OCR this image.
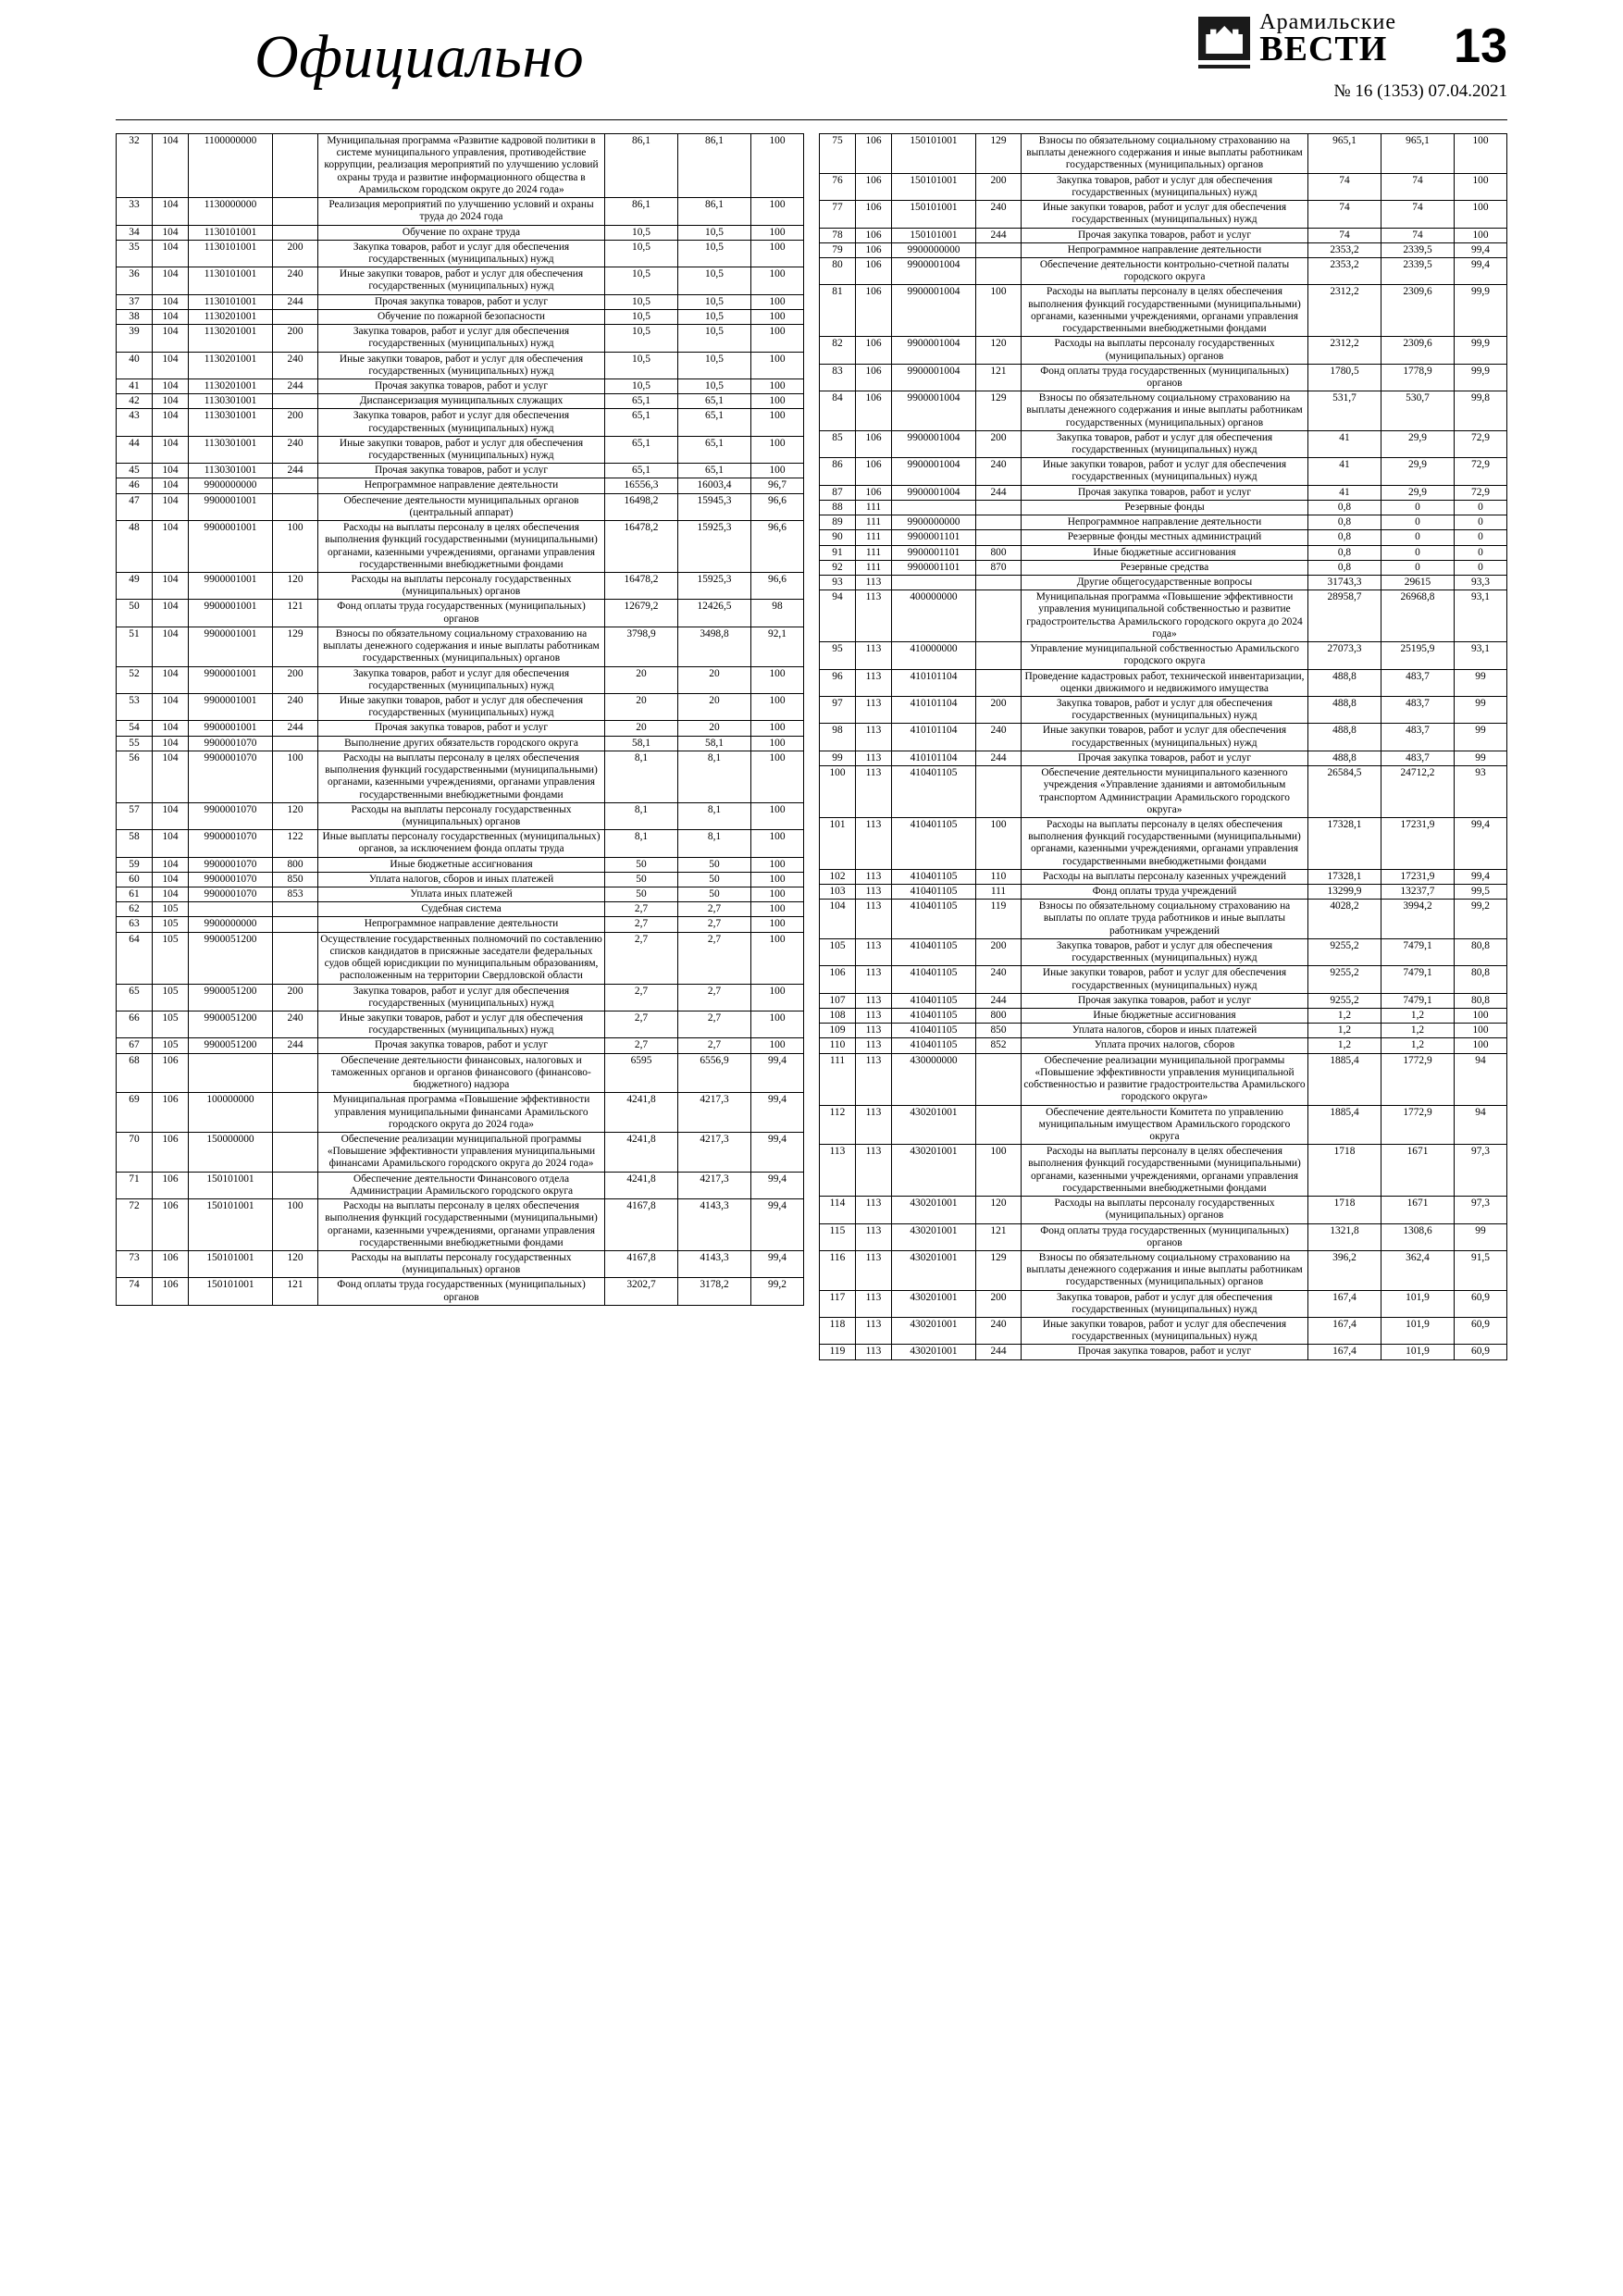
Официально
Арамильские
ВЕСТИ 13
№ 16 (1353) 07.04.2021
32	104	1100000000		Муниципальная программа «Развитие кадровой политики в системе муниципального управления, противодействие коррупции, реализация мероприятий по улучшению условий охраны труда и развитие информационного общества в Арамильском городском округе до 2024 года»	86,1	86,1	100
33	104	1130000000		Реализация мероприятий по улучшению условий и охраны труда до 2024 года	86,1	86,1	100
34	104	1130101001		Обучение по охране труда	10,5	10,5	100
35	104	1130101001	200	Закупка товаров, работ и услуг для обеспечения государственных (муниципальных) нужд	10,5	10,5	100
36	104	1130101001	240	Иные закупки товаров, работ и услуг для обеспечения государственных (муниципальных) нужд	10,5	10,5	100
37	104	1130101001	244	Прочая закупка товаров, работ и услуг	10,5	10,5	100
38	104	1130201001		Обучение по пожарной безопасности	10,5	10,5	100
39	104	1130201001	200	Закупка товаров, работ и услуг для обеспечения государственных (муниципальных) нужд	10,5	10,5	100
40	104	1130201001	240	Иные закупки товаров, работ и услуг для обеспечения государственных (муниципальных) нужд	10,5	10,5	100
41	104	1130201001	244	Прочая закупка товаров, работ и услуг	10,5	10,5	100
42	104	1130301001		Диспансеризация муниципальных служащих	65,1	65,1	100
43	104	1130301001	200	Закупка товаров, работ и услуг для обеспечения государственных (муниципальных) нужд	65,1	65,1	100
44	104	1130301001	240	Иные закупки товаров, работ и услуг для обеспечения государственных (муниципальных) нужд	65,1	65,1	100
45	104	1130301001	244	Прочая закупка товаров, работ и услуг	65,1	65,1	100
46	104	9900000000		Непрограммное направление деятельности	16556,3	16003,4	96,7
47	104	9900001001		Обеспечение деятельности муниципальных органов (центральный аппарат)	16498,2	15945,3	96,6
48	104	9900001001	100	Расходы на выплаты персоналу в целях обеспечения выполнения функций государственными (муниципальными) органами, казенными учреждениями, органами управления государственными внебюджетными фондами	16478,2	15925,3	96,6
49	104	9900001001	120	Расходы на выплаты персоналу государственных (муниципальных) органов	16478,2	15925,3	96,6
50	104	9900001001	121	Фонд оплаты труда государственных (муниципальных) органов	12679,2	12426,5	98
51	104	9900001001	129	Взносы по обязательному социальному страхованию на выплаты денежного содержания и иные выплаты работникам государственных (муниципальных) органов	3798,9	3498,8	92,1
52	104	9900001001	200	Закупка товаров, работ и услуг для обеспечения государственных (муниципальных) нужд	20	20	100
53	104	9900001001	240	Иные закупки товаров, работ и услуг для обеспечения государственных (муниципальных) нужд	20	20	100
54	104	9900001001	244	Прочая закупка товаров, работ и услуг	20	20	100
55	104	9900001070		Выполнение других обязательств городского округа	58,1	58,1	100
56	104	9900001070	100	Расходы на выплаты персоналу в целях обеспечения выполнения функций государственными (муниципальными) органами, казенными учреждениями, органами управления государственными внебюджетными фондами	8,1	8,1	100
57	104	9900001070	120	Расходы на выплаты персоналу государственных (муниципальных) органов	8,1	8,1	100
58	104	9900001070	122	Иные выплаты персоналу государственных (муниципальных) органов, за исключением фонда оплаты труда	8,1	8,1	100
59	104	9900001070	800	Иные бюджетные ассигнования	50	50	100
60	104	9900001070	850	Уплата налогов, сборов и иных платежей	50	50	100
61	104	9900001070	853	Уплата иных платежей	50	50	100
62	105			Судебная система	2,7	2,7	100
63	105	9900000000		Непрограммное направление деятельности	2,7	2,7	100
64	105	9900051200		Осуществление государственных полномочий по составлению списков кандидатов в присяжные заседатели федеральных судов общей юрисдикции по муниципальным образованиям, расположенным на территории Свердловской области	2,7	2,7	100
65	105	9900051200	200	Закупка товаров, работ и услуг для обеспечения государственных (муниципальных) нужд	2,7	2,7	100
66	105	9900051200	240	Иные закупки товаров, работ и услуг для обеспечения государственных (муниципальных) нужд	2,7	2,7	100
67	105	9900051200	244	Прочая закупка товаров, работ и услуг	2,7	2,7	100
68	106			Обеспечение деятельности финансовых, налоговых и таможенных органов и органов финансового (финансово-бюджетного) надзора	6595	6556,9	99,4
69	106	100000000		Муниципальная программа «Повышение эффективности управления муниципальными финансами Арамильского городского округа до 2024 года»	4241,8	4217,3	99,4
70	106	150000000		Обеспечение реализации муниципальной программы «Повышение эффективности управления муниципальными финансами Арамильского городского округа до 2024 года»	4241,8	4217,3	99,4
71	106	150101001		Обеспечение деятельности Финансового отдела Администрации Арамильского городского округа	4241,8	4217,3	99,4
72	106	150101001	100	Расходы на выплаты персоналу в целях обеспечения выполнения функций государственными (муниципальными) органами, казенными учреждениями, органами управления государственными внебюджетными фондами	4167,8	4143,3	99,4
73	106	150101001	120	Расходы на выплаты персоналу государственных (муниципальных) органов	4167,8	4143,3	99,4
74	106	150101001	121	Фонд оплаты труда государственных (муниципальных) органов	3202,7	3178,2	99,2
75	106	150101001	129	Взносы по обязательному социальному страхованию на выплаты денежного содержания и иные выплаты работникам государственных (муниципальных) органов	965,1	965,1	100
76	106	150101001	200	Закупка товаров, работ и услуг для обеспечения государственных (муниципальных) нужд	74	74	100
77	106	150101001	240	Иные закупки товаров, работ и услуг для обеспечения государственных (муниципальных) нужд	74	74	100
78	106	150101001	244	Прочая закупка товаров, работ и услуг	74	74	100
79	106	9900000000		Непрограммное направление деятельности	2353,2	2339,5	99,4
80	106	9900001004		Обеспечение деятельности контрольно-счетной палаты городского округа	2353,2	2339,5	99,4
81	106	9900001004	100	Расходы на выплаты персоналу в целях обеспечения выполнения функций государственными (муниципальными) органами, казенными учреждениями, органами управления государственными внебюджетными фондами	2312,2	2309,6	99,9
82	106	9900001004	120	Расходы на выплаты персоналу государственных (муниципальных) органов	2312,2	2309,6	99,9
83	106	9900001004	121	Фонд оплаты труда государственных (муниципальных) органов	1780,5	1778,9	99,9
84	106	9900001004	129	Взносы по обязательному социальному страхованию на выплаты денежного содержания и иные выплаты работникам государственных (муниципальных) органов	531,7	530,7	99,8
85	106	9900001004	200	Закупка товаров, работ и услуг для обеспечения государственных (муниципальных) нужд	41	29,9	72,9
86	106	9900001004	240	Иные закупки товаров, работ и услуг для обеспечения государственных (муниципальных) нужд	41	29,9	72,9
87	106	9900001004	244	Прочая закупка товаров, работ и услуг	41	29,9	72,9
88	111			Резервные фонды	0,8	0	0
89	111	9900000000		Непрограммное направление деятельности	0,8	0	0
90	111	9900001101		Резервные фонды местных администраций	0,8	0	0
91	111	9900001101	800	Иные бюджетные ассигнования	0,8	0	0
92	111	9900001101	870	Резервные средства	0,8	0	0
93	113			Другие общегосударственные вопросы	31743,3	29615	93,3
94	113	400000000		Муниципальная программа «Повышение эффективности управления муниципальной собственностью и развитие градостроительства Арамильского городского округа до 2024 года»	28958,7	26968,8	93,1
95	113	410000000		Управление муниципальной собственностью Арамильского городского округа	27073,3	25195,9	93,1
96	113	410101104		Проведение кадастровых работ, технической инвентаризации, оценки движимого и недвижимого имущества	488,8	483,7	99
97	113	410101104	200	Закупка товаров, работ и услуг для обеспечения государственных (муниципальных) нужд	488,8	483,7	99
98	113	410101104	240	Иные закупки товаров, работ и услуг для обеспечения государственных (муниципальных) нужд	488,8	483,7	99
99	113	410101104	244	Прочая закупка товаров, работ и услуг	488,8	483,7	99
100	113	410401105		Обеспечение деятельности муниципального казенного учреждения «Управление зданиями и автомобильным транспортом Администрации Арамильского городского округа»	26584,5	24712,2	93
101	113	410401105	100	Расходы на выплаты персоналу в целях обеспечения выполнения функций государственными (муниципальными) органами, казенными учреждениями, органами управления государственными внебюджетными фондами	17328,1	17231,9	99,4
102	113	410401105	110	Расходы на выплаты персоналу казенных учреждений	17328,1	17231,9	99,4
103	113	410401105	111	Фонд оплаты труда учреждений	13299,9	13237,7	99,5
104	113	410401105	119	Взносы по обязательному социальному страхованию на выплаты по оплате труда работников и иные выплаты работникам учреждений	4028,2	3994,2	99,2
105	113	410401105	200	Закупка товаров, работ и услуг для обеспечения государственных (муниципальных) нужд	9255,2	7479,1	80,8
106	113	410401105	240	Иные закупки товаров, работ и услуг для обеспечения государственных (муниципальных) нужд	9255,2	7479,1	80,8
107	113	410401105	244	Прочая закупка товаров, работ и услуг	9255,2	7479,1	80,8
108	113	410401105	800	Иные бюджетные ассигнования	1,2	1,2	100
109	113	410401105	850	Уплата налогов, сборов и иных платежей	1,2	1,2	100
110	113	410401105	852	Уплата прочих налогов, сборов	1,2	1,2	100
111	113	430000000		Обеспечение реализации муниципальной программы «Повышение эффективности управления муниципальной собственностью и развитие градостроительства Арамильского городского округа»	1885,4	1772,9	94
112	113	430201001		Обеспечение деятельности Комитета по управлению муниципальным имуществом Арамильского городского округа	1885,4	1772,9	94
113	113	430201001	100	Расходы на выплаты персоналу в целях обеспечения выполнения функций государственными (муниципальными) органами, казенными учреждениями, органами управления государственными внебюджетными фондами	1718	1671	97,3
114	113	430201001	120	Расходы на выплаты персоналу государственных (муниципальных) органов	1718	1671	97,3
115	113	430201001	121	Фонд оплаты труда государственных (муниципальных) органов	1321,8	1308,6	99
116	113	430201001	129	Взносы по обязательному социальному страхованию на выплаты денежного содержания и иные выплаты работникам государственных (муниципальных) органов	396,2	362,4	91,5
117	113	430201001	200	Закупка товаров, работ и услуг для обеспечения государственных (муниципальных) нужд	167,4	101,9	60,9
118	113	430201001	240	Иные закупки товаров, работ и услуг для обеспечения государственных (муниципальных) нужд	167,4	101,9	60,9
119	113	430201001	244	Прочая закупка товаров, работ и услуг	167,4	101,9	60,9
